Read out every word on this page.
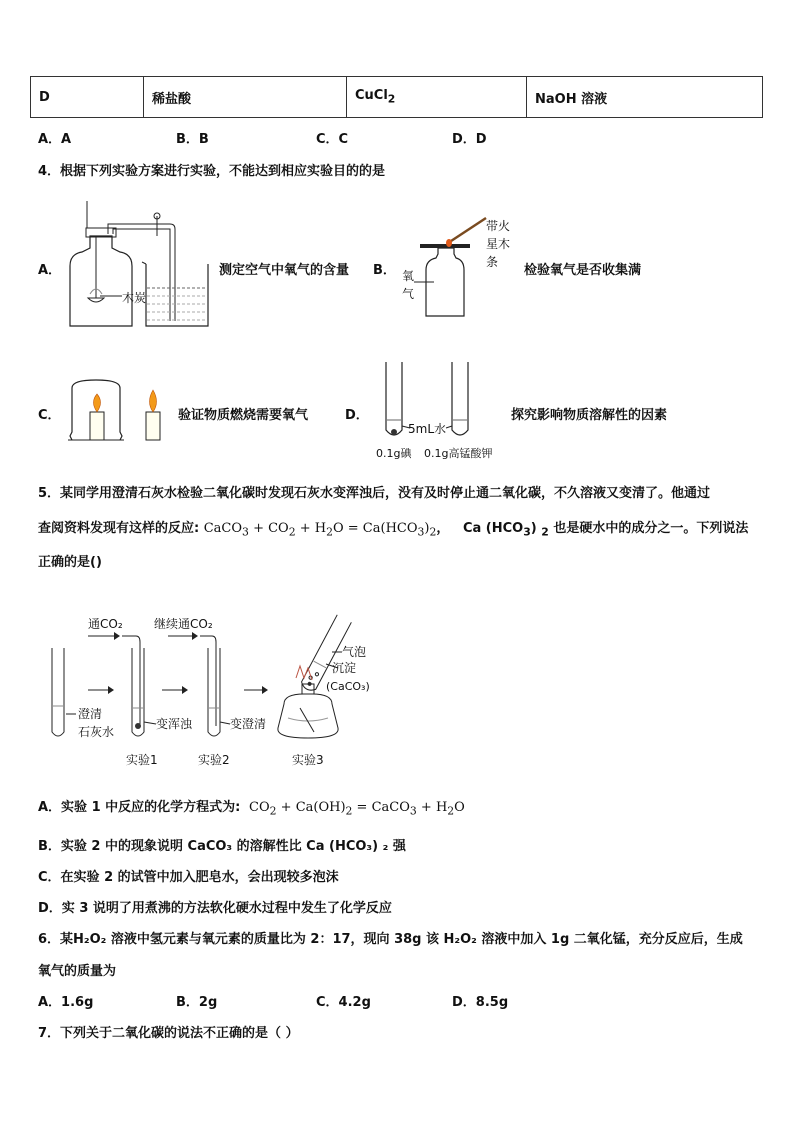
D	稀盐酸	CuCl$_2$	NaOH 溶液
A．A	B．B	C．C	D．D
4．根据下列实验方案进行实验，不能达到相应实验目的的是
A．
木炭
测定空气中氧气的含量 B．
带火
星木
条
氧
气
检验氧气是否收集满
C．	验证物质燃烧需要氧气	D．
5mL水
0.1g碘 0.1g高锰酸钾
探究影响物质溶解性的因素
5．某同学用澄清石灰水检验二氧化碳时发现石灰水变浑浊后，没有及时停止通二氧化碳，不久溶液又变清了。他通过
查阅资料发现有这样的反应: CaCO$_3$ + $CO_2 + H_2O = Ca(HCO_3)_2$，   Ca $(HCO_3)$ $_2$ 也是硬水中的成分之一。下列说法
正确的是()
澄清
石灰水
通CO₂
变浑浊
实验1
继续通CO₂
变澄清
实验2
气泡
沉淀
(CaCO₃)
实验3
A．实验 1 中反应的化学方程式为:  $CO_2 + Ca(OH)_2$ = CaCO$_3$ + $H_2O$
B．实验 2 中的现象说明 CaCO₃ 的溶解性比 Ca (HCO₃) ₂ 强
C．在实验 2 的试管中加入肥皂水，会出现较多泡沫
D．实 3 说明了用煮沸的方法软化硬水过程中发生了化学反应
6．某H₂O₂ 溶液中氢元素与氧元素的质量比为 2：17，现向 38g 该 H₂O₂ 溶液中加入 1g 二氧化锰，充分反应后，生成
氧气的质量为
A．1.6g	B．2g	C．4.2g	D．8.5g
7．下列关于二氧化碳的说法不正确的是（ ）
